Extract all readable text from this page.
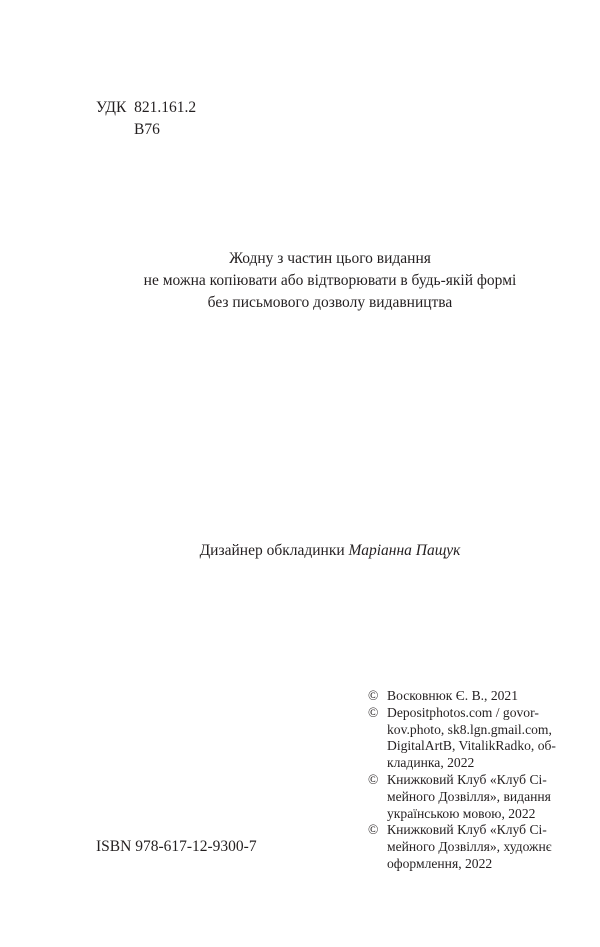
УДК  821.161.2
В76
Жодну з частин цього видання
не можна копіювати або відтворювати в будь-якій формі
без письмового дозволу видавництва
Дизайнер обкладинки Маріанна Пащук
© Восковнюк Є. В., 2021
© Depositphotos.com / govor-
kov.photo, sk8.lgn.gmail.com,
DigitalArtB, VitalikRadko, об-
кладинка, 2022
© Книжковий Клуб «Клуб Сі-
мейного Дозвілля», видання
українською мовою, 2022
© Книжковий Клуб «Клуб Сі-
мейного Дозвілля», художнє
оформлення, 2022
ISBN 978-617-12-9300-7
